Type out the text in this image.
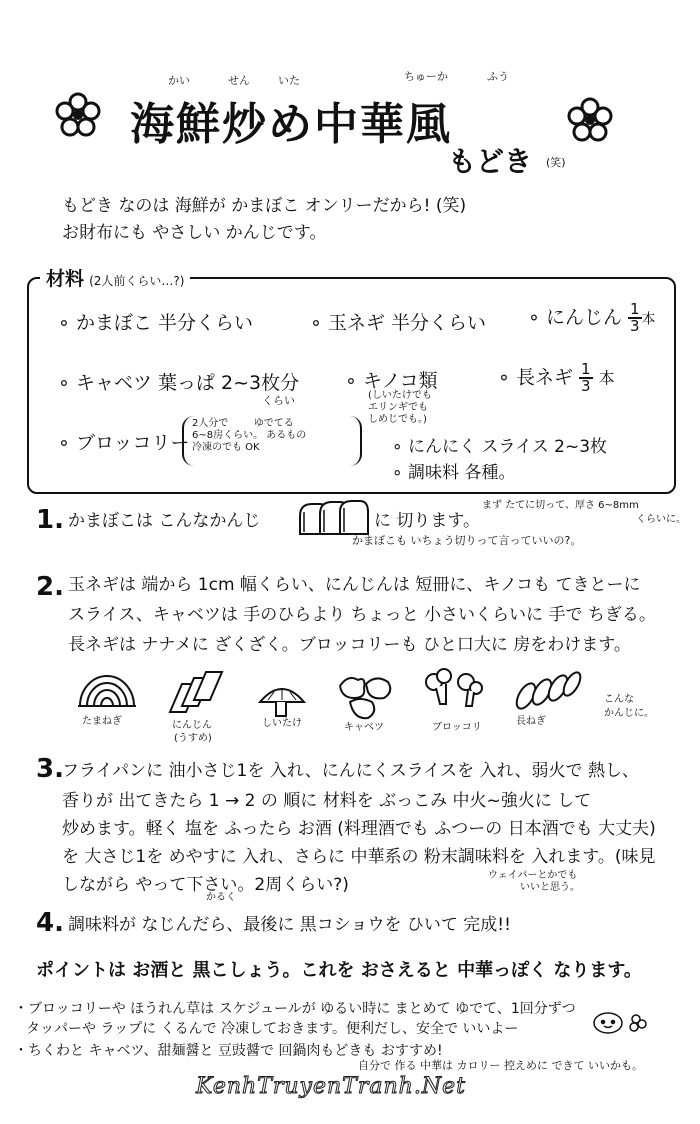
かい	せん	いた	ちゅーか	ふう
海鮮炒め中華風
もどき (笑)
もどき なのは 海鮮が かまぼこ オンリーだから! (笑)
お財布にも やさしい かんじです。
材料 (2人前くらい…?)
∘ かまぼこ 半分くらい	∘ 玉ネギ 半分くらい ∘ にんじん $\frac{1}{3}$ 本
∘ キャベツ 葉っぱ 2~3枚分
くらい
∘ キノコ類
(しいたけでも
エリンギでも
しめじでも。)
∘ 長ネギ $\frac{1}{3}$ 本
∘ ブロッコリー
2人分で	ゆでてる
6~8房くらい。 あるもの
冷凍のでも OK	∘ にんにく スライス 2~3枚
∘ 調味料 各種。
1. かまぼこは こんなかんじ	に 切ります。
まず たてに切って、厚さ 6~8mm
くらいに。
かまぼこも いちょう切りって言っていいの?。
2. 玉ネギは 端から 1cm 幅くらい、にんじんは 短冊に、キノコも てきとーに
スライス、キャベツは 手のひらより ちょっと 小さいくらいに 手で ちぎる。
長ネギは ナナメに ざくざく。ブロッコリーも ひと口大に 房をわけます。
たまねぎ	にんじん
(うすめ)
しいたけ	キャベツ	ブロッコリ
長ねぎ
こんな
かんじに。
3.
フライパンに 油小さじ1を 入れ、にんにくスライスを 入れ、弱火で 熱し、
香りが 出てきたら 1 → 2 の 順に 材料を ぶっこみ 中火~強火に して
炒めます。軽く 塩を ふったら お酒 (料理酒でも ふつーの 日本酒でも 大丈夫)
を 大さじ1を めやすに 入れ、さらに 中華系の 粉末調味料を 入れます。(味見
しながら やって下さい。2周くらい?)
かるく
ウェイパーとかでも
いいと思う。
4. 調味料が なじんだら、最後に 黒コショウを ひいて 完成!!
ポイントは お酒と 黒こしょう。これを おさえると 中華っぽく なります。
・ブロッコリーや ほうれん草は スケジュールが ゆるい時に まとめて ゆでて、1回分ずつ
タッパーや ラップに くるんで 冷凍しておきます。便利だし、安全で いいよー
・ちくわと キャベツ、甜麺醤と 豆豉醤で 回鍋肉もどきも おすすめ!
自分で 作る 中華は カロリー 控えめに できて いいかも。
KenhTruyenTranh.Net
